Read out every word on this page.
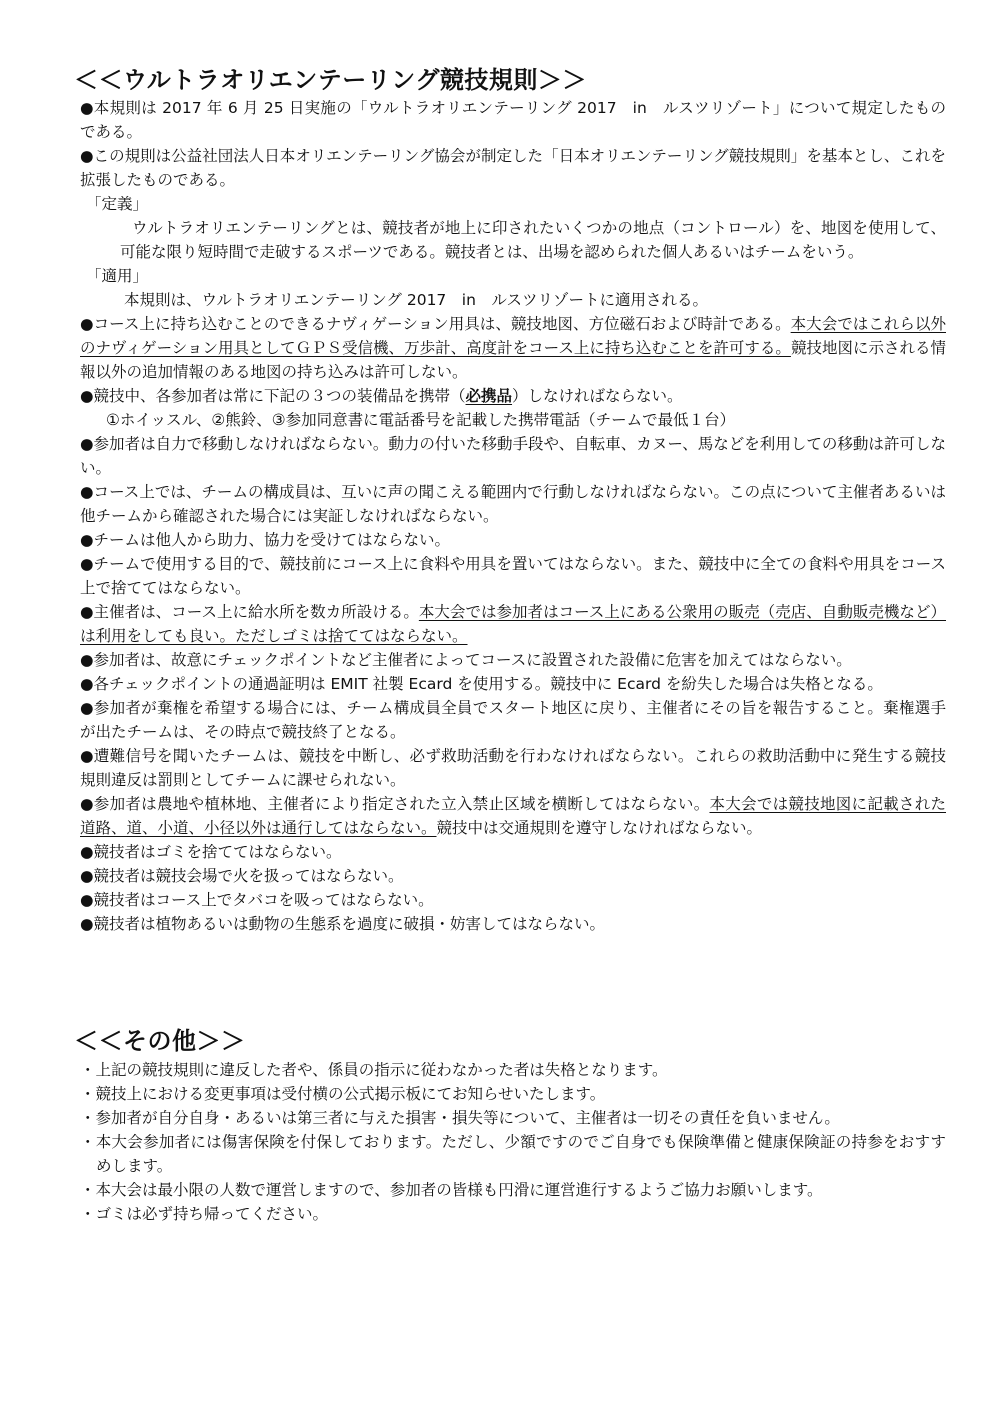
＜＜ウルトラオリエンテーリング競技規則＞＞

●本規則は 2017 年 6 月 25 日実施の「ウルトラオリエンテーリング 2017　in　ルスツリゾート」について規定したものである。

●この規則は公益社団法人日本オリエンテーリング協会が制定した「日本オリエンテーリング競技規則」を基本とし、これを拡張したものである。

「定義」

ウルトラオリエンテーリングとは、競技者が地上に印されたいくつかの地点（コントロール）を、地図を使用して、可能な限り短時間で走破するスポーツである。競技者とは、出場を認められた個人あるいはチームをいう。

「適用」

本規則は、ウルトラオリエンテーリング 2017　in　ルスツリゾートに適用される。

●コース上に持ち込むことのできるナヴィゲーション用具は、競技地図、方位磁石および時計である。本大会ではこれら以外のナヴィゲーション用具としてＧＰＳ受信機、万歩計、高度計をコース上に持ち込むことを許可する。競技地図に示される情報以外の追加情報のある地図の持ち込みは許可しない。

●競技中、各参加者は常に下記の３つの装備品を携帯（必携品）しなければならない。

①ホイッスル、②熊鈴、③参加同意書に電話番号を記載した携帯電話（チームで最低１台）

●参加者は自力で移動しなければならない。動力の付いた移動手段や、自転車、カヌー、馬などを利用しての移動は許可しない。

●コース上では、チームの構成員は、互いに声の聞こえる範囲内で行動しなければならない。この点について主催者あるいは他チームから確認された場合には実証しなければならない。

●チームは他人から助力、協力を受けてはならない。

●チームで使用する目的で、競技前にコース上に食料や用具を置いてはならない。また、競技中に全ての食料や用具をコース上で捨ててはならない。

●主催者は、コース上に給水所を数カ所設ける。本大会では参加者はコース上にある公衆用の販売（売店、自動販売機など）は利用をしても良い。ただしゴミは捨ててはならない。

●参加者は、故意にチェックポイントなど主催者によってコースに設置された設備に危害を加えてはならない。

●各チェックポイントの通過証明は EMIT 社製 Ecard を使用する。競技中に Ecard を紛失した場合は失格となる。

●参加者が棄権を希望する場合には、チーム構成員全員でスタート地区に戻り、主催者にその旨を報告すること。棄権選手が出たチームは、その時点で競技終了となる。

●遭難信号を聞いたチームは、競技を中断し、必ず救助活動を行わなければならない。これらの救助活動中に発生する競技規則違反は罰則としてチームに課せられない。

●参加者は農地や植林地、主催者により指定された立入禁止区域を横断してはならない。本大会では競技地図に記載された道路、道、小道、小径以外は通行してはならない。競技中は交通規則を遵守しなければならない。

●競技者はゴミを捨ててはならない。

●競技者は競技会場で火を扱ってはならない。

●競技者はコース上でタバコを吸ってはならない。

●競技者は植物あるいは動物の生態系を過度に破損・妨害してはならない。

＜＜その他＞＞

・上記の競技規則に違反した者や、係員の指示に従わなかった者は失格となります。

・競技上における変更事項は受付横の公式掲示板にてお知らせいたします。

・参加者が自分自身・あるいは第三者に与えた損害・損失等について、主催者は一切その責任を負いません。

・本大会参加者には傷害保険を付保しております。ただし、少額ですのでご自身でも保険準備と健康保険証の持参をおすすめします。

・本大会は最小限の人数で運営しますので、参加者の皆様も円滑に運営進行するようご協力お願いします。

・ゴミは必ず持ち帰ってください。
